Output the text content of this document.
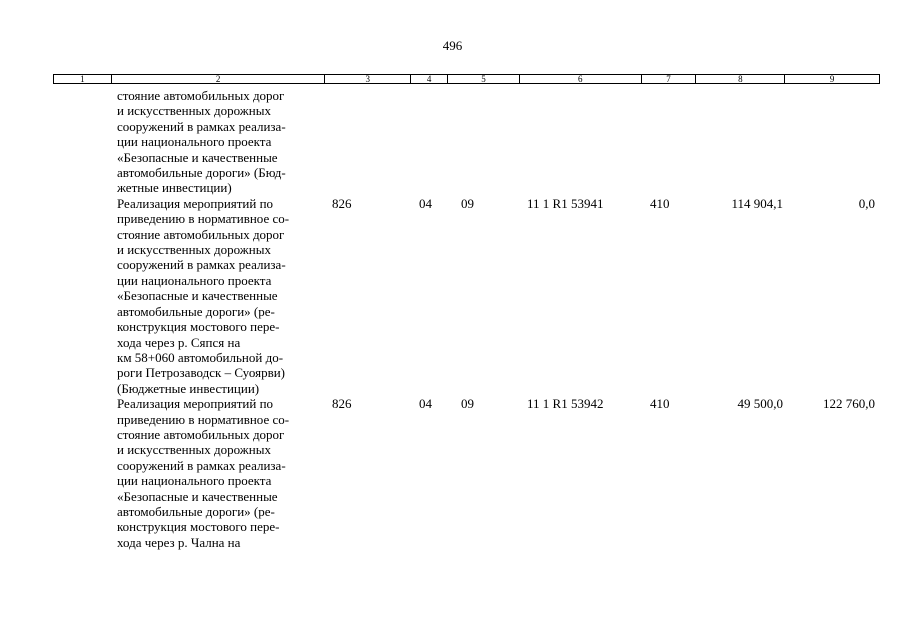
496
1	2	3	4	5	6	7	8	9
стояние автомобильных дорог
и искусственных дорожных
сооружений в рамках реализа-
ции национального проекта
«Безопасные и качественные
автомобильные дороги» (Бюд-
жетные инвестиции)
Реализация мероприятий по
приведению в нормативное со-
стояние автомобильных дорог
и искусственных дорожных
сооружений в рамках реализа-
ции национального проекта
«Безопасные и качественные
автомобильные дороги» (ре-
конструкция мостового пере-
хода через р. Сяпся на
км 58+060 автомобильной до-
роги Петрозаводск – Суоярви)
(Бюджетные инвестиции)
826	04 09	11 1 R1 53941	410	114 904,1	0,0
Реализация мероприятий по
приведению в нормативное со-
стояние автомобильных дорог
и искусственных дорожных
сооружений в рамках реализа-
ции национального проекта
«Безопасные и качественные
автомобильные дороги» (ре-
конструкция мостового пере-
хода через р. Чална на
826	04 09	11 1 R1 53942	410	49 500,0	122 760,0
